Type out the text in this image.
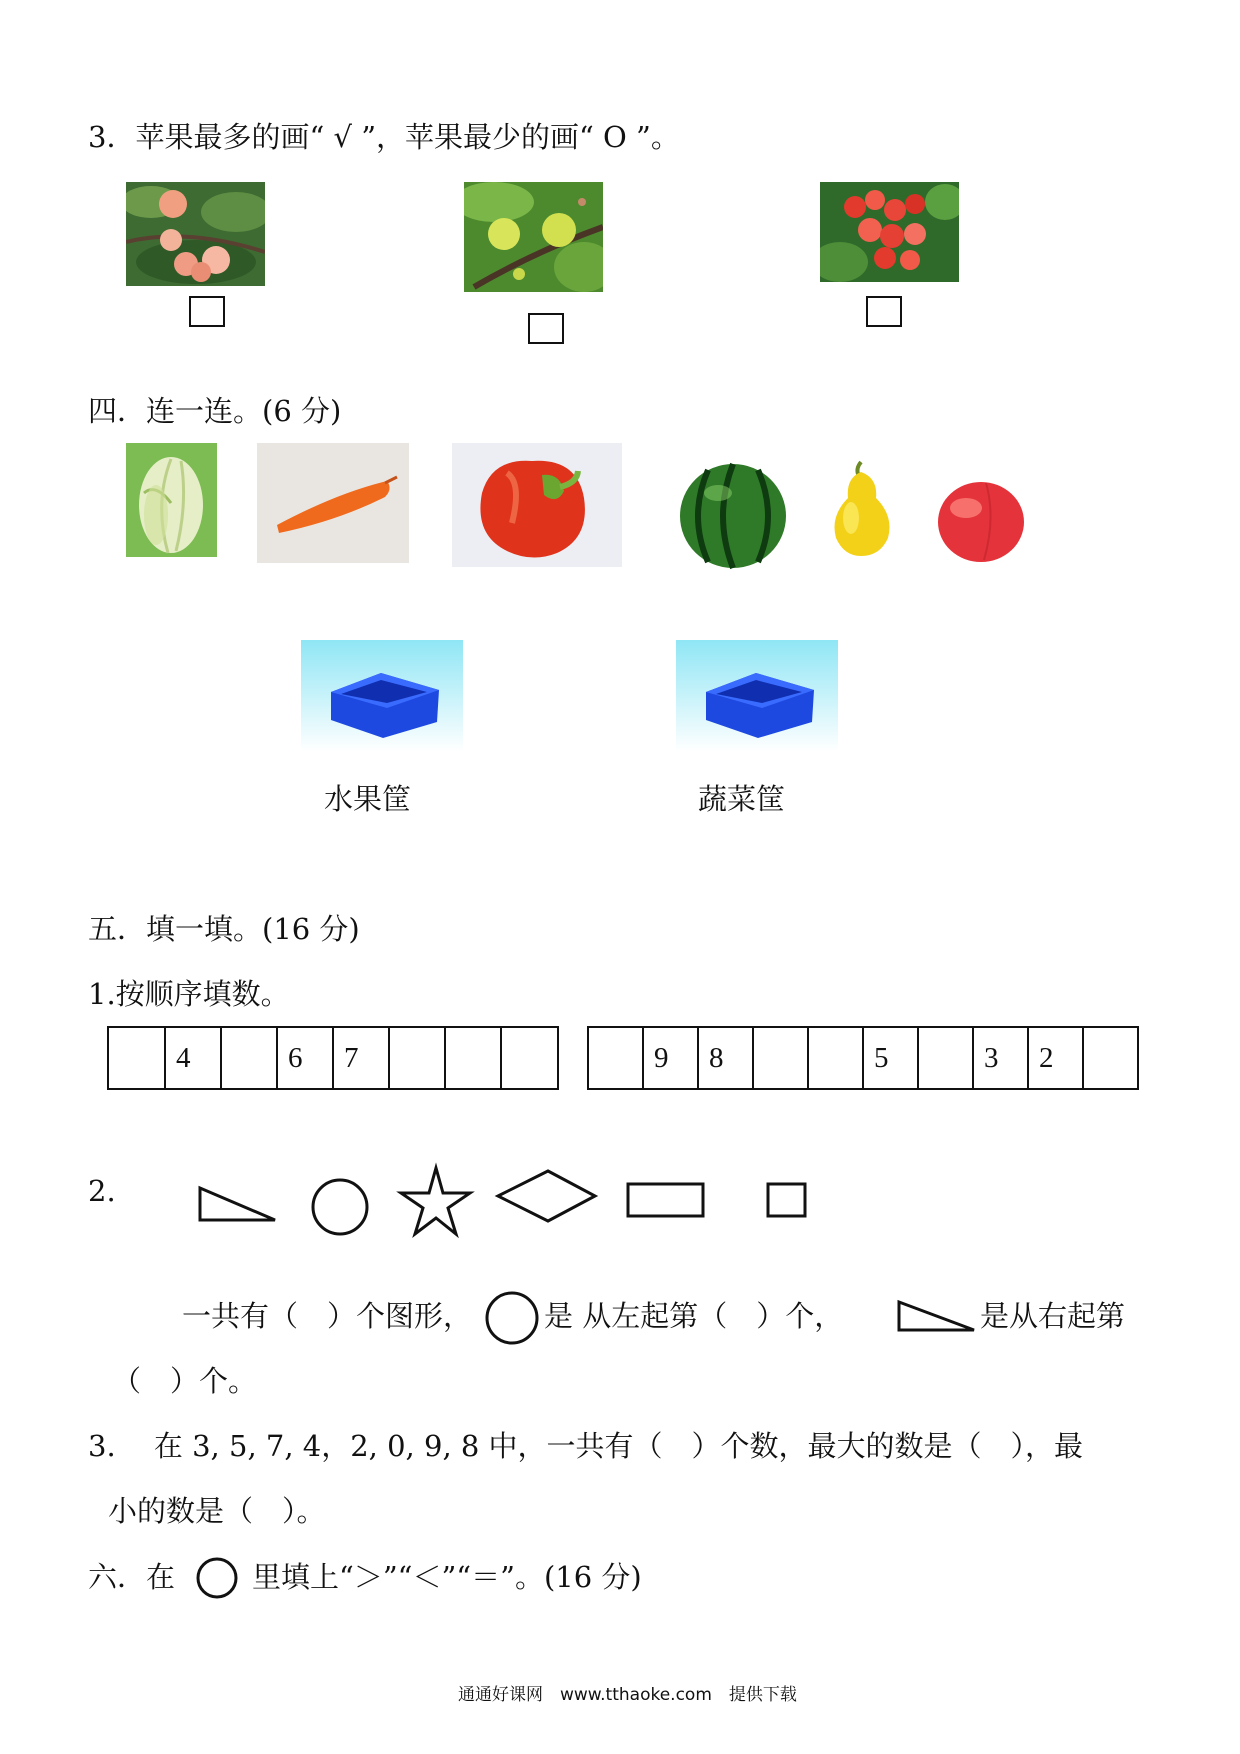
3．苹果最多的画“ √ ”，苹果最少的画“ O ”。
四．连一连。(6 分)
水果筐	蔬菜筐
五．填一填。(16 分)
1.按顺序填数。
	4		6	7			
		9	8			5		3	2	
2.
一共有（　）个图形， 是 从左起第（　）个，	是从右起第
（　）个。
3.　 在 3, 5, 7, 4，2, 0, 9, 8 中，一共有（　）个数，最大的数是（　），最
小的数是（　）。
六．在	里填上“＞”“＜”“＝”。(16 分)
通通好课网　www.tthaoke.com　提供下载
